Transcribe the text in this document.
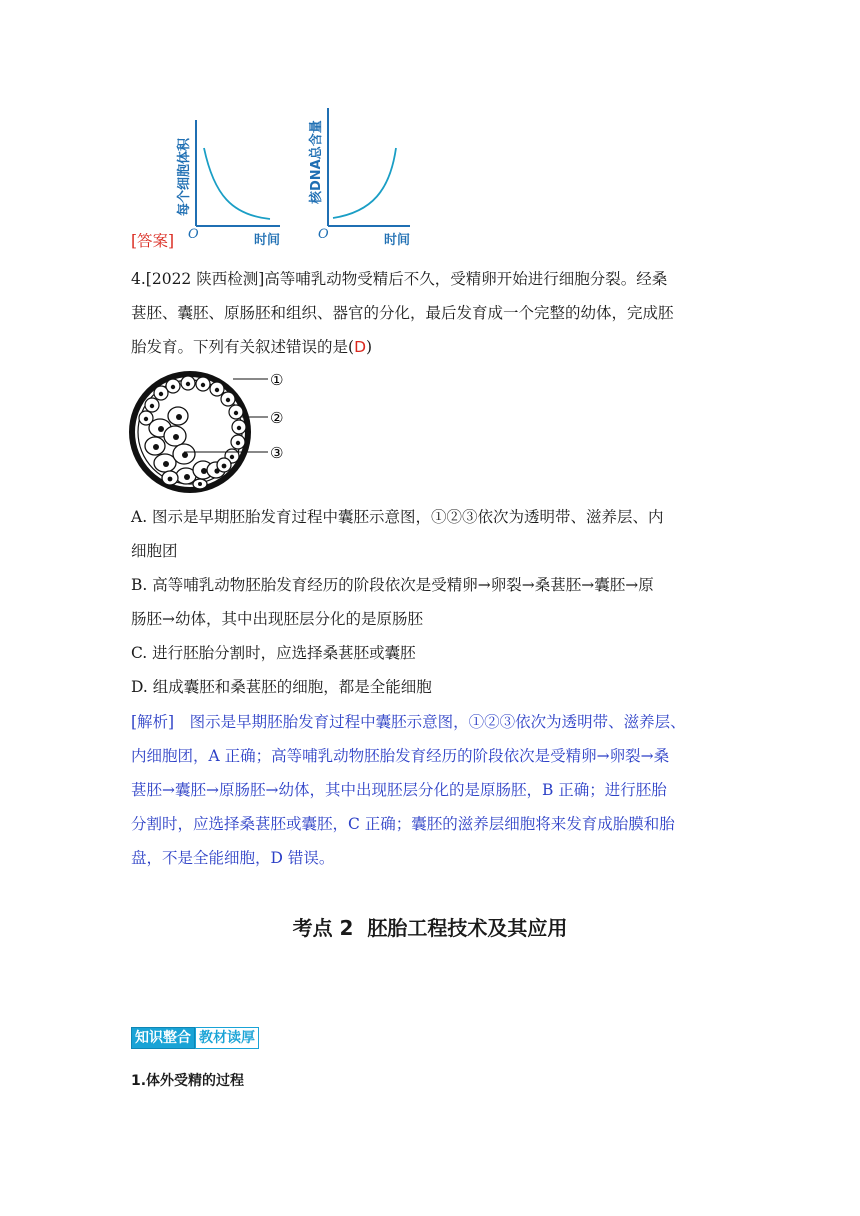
每个细胞体积
O	时间
核DNA总含量
O	时间
[答案]
4.[2022 陕西检测]高等哺乳动物受精后不久，受精卵开始进行细胞分裂。经桑
葚胚、囊胚、原肠胚和组织、器官的分化，最后发育成一个完整的幼体，完成胚
胎发育。下列有关叙述错误的是(D)
①
②
③
A. 图示是早期胚胎发育过程中囊胚示意图，①②③依次为透明带、滋养层、内
细胞团
B. 高等哺乳动物胚胎发育经历的阶段依次是受精卵→卵裂→桑葚胚→囊胚→原
肠胚→幼体，其中出现胚层分化的是原肠胚
C. 进行胚胎分割时，应选择桑葚胚或囊胚
D. 组成囊胚和桑葚胚的细胞，都是全能细胞
[解析]　图示是早期胚胎发育过程中囊胚示意图，①②③依次为透明带、滋养层、
内细胞团，A 正确；高等哺乳动物胚胎发育经历的阶段依次是受精卵→卵裂→桑
葚胚→囊胚→原肠胚→幼体，其中出现胚层分化的是原肠胚，B 正确；进行胚胎
分割时，应选择桑葚胚或囊胚，C 正确；囊胚的滋养层细胞将来发育成胎膜和胎
盘，不是全能细胞，D 错误。
考点 2  胚胎工程技术及其应用
知识整合 教材读厚
1.体外受精的过程
